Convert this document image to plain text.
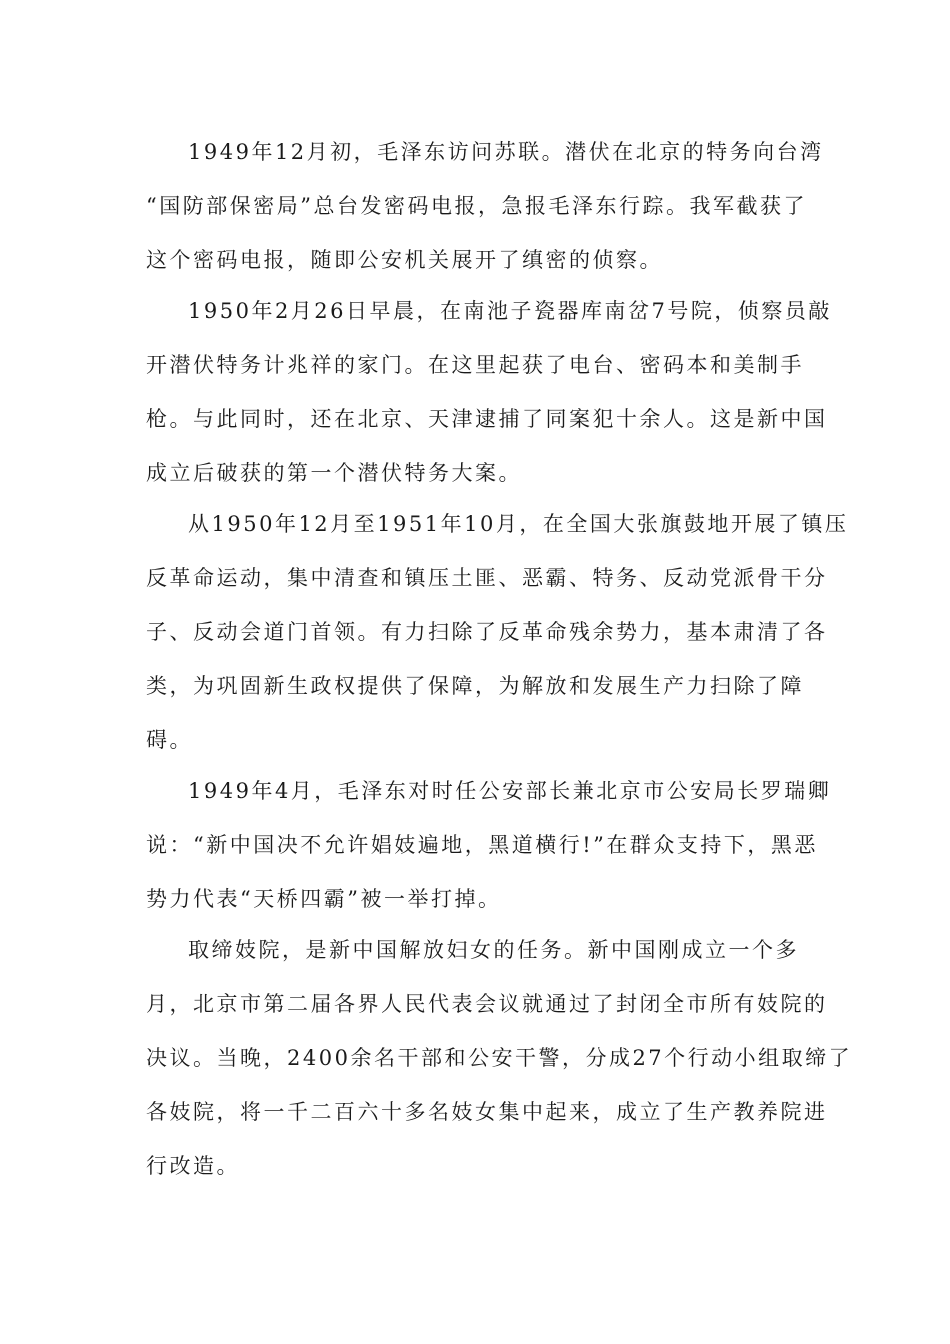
1949年12月初，毛泽东访问苏联。潜伏在北京的特务向台湾
“国防部保密局”总台发密码电报，急报毛泽东行踪。我军截获了
这个密码电报，随即公安机关展开了缜密的侦察。
1950年2月26日早晨，在南池子瓷器库南岔7号院，侦察员敲
开潜伏特务计兆祥的家门。在这里起获了电台、密码本和美制手
枪。与此同时，还在北京、天津逮捕了同案犯十余人。这是新中国
成立后破获的第一个潜伏特务大案。
从1950年12月至1951年10月，在全国大张旗鼓地开展了镇压
反革命运动，集中清查和镇压土匪、恶霸、特务、反动党派骨干分
子、反动会道门首领。有力扫除了反革命残余势力，基本肃清了各
类，为巩固新生政权提供了保障，为解放和发展生产力扫除了障
碍。
1949年4月，毛泽东对时任公安部长兼北京市公安局长罗瑞卿
说：“新中国决不允许娼妓遍地，黑道横行!”在群众支持下，黑恶
势力代表“天桥四霸”被一举打掉。
取缔妓院，是新中国解放妇女的任务。新中国刚成立一个多
月，北京市第二届各界人民代表会议就通过了封闭全市所有妓院的
决议。当晚，2400余名干部和公安干警，分成27个行动小组取缔了
各妓院，将一千二百六十多名妓女集中起来，成立了生产教养院进
行改造。
